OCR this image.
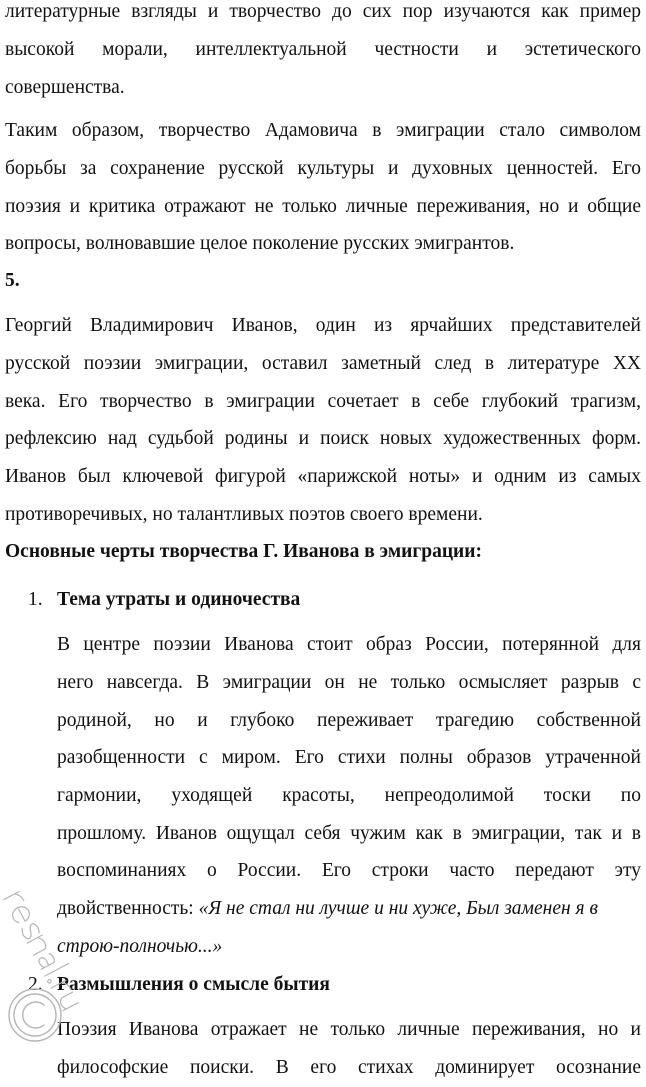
литературные взгляды и творчество до сих пор изучаются как пример
высокой морали, интеллектуальной честности и эстетического
совершенства.
Таким образом, творчество Адамовича в эмиграции стало символом
борьбы за сохранение русской культуры и духовных ценностей. Его
поэзия и критика отражают не только личные переживания, но и общие
вопросы, волновавшие целое поколение русских эмигрантов.
5.
Георгий Владимирович Иванов, один из ярчайших представителей
русской поэзии эмиграции, оставил заметный след в литературе XX
века. Его творчество в эмиграции сочетает в себе глубокий трагизм,
рефлексию над судьбой родины и поиск новых художественных форм.
Иванов был ключевой фигурой «парижской ноты» и одним из самых
противоречивых, но талантливых поэтов своего времени.
Основные черты творчества Г. Иванова в эмиграции:
В центре поэзии Иванова стоит образ России, потерянной для
него навсегда. В эмиграции он не только осмысляет разрыв с
родиной, но и глубоко переживает трагедию собственной
разобщенности с миром. Его стихи полны образов утраченной
гармонии, уходящей красоты, непреодолимой тоски по
прошлому. Иванов ощущал себя чужим как в эмиграции, так и в
воспоминаниях о России. Его строки часто передают эту
двойственность: «Я не стал ни лучше и ни хуже, Был заменен я в
строю-полночью...»
Поэзия Иванова отражает не только личные переживания, но и
философские поиски. В его стихах доминирует осознание
1. Тема утраты и одиночества
2. Размышления о смысле бытия
